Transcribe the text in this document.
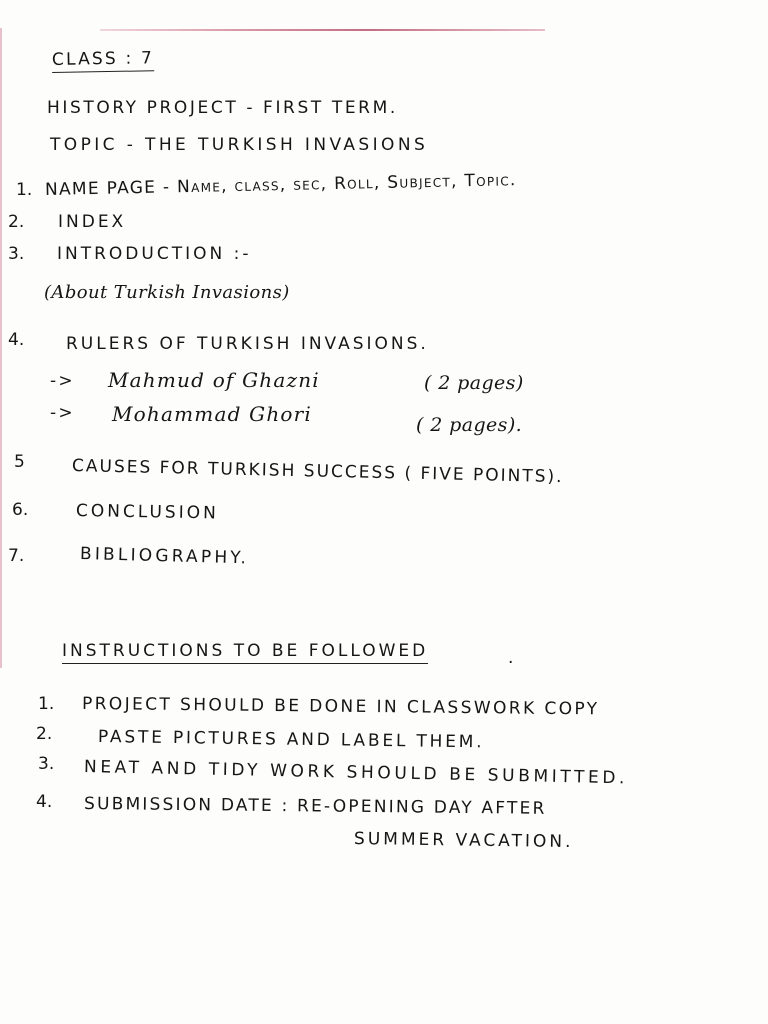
CLASS : 7
HISTORY PROJECT - FIRST TERM.
TOPIC - THE TURKISH INVASIONS
1. NAME PAGE - Name, class, sec, Roll, Subject, Topic.
2. INDEX
3. INTRODUCTION :-
(About Turkish Invasions)
4. RULERS OF TURKISH INVASIONS.
-> Mahmud of Ghazni	( 2 pages)
-> Mohammad Ghori	( 2 pages).
5	CAUSES FOR TURKISH SUCCESS ( FIVE POINTS).
6.	CONCLUSION
7.	BIBLIOGRAPHY.
INSTRUCTIONS TO BE FOLLOWED	.
1. PROJECT SHOULD BE DONE IN CLASSWORK COPY
2.	PASTE PICTURES AND LABEL THEM.
3. NEAT AND TIDY WORK SHOULD BE SUBMITTED.
4. SUBMISSION DATE : RE-OPENING DAY AFTER
SUMMER VACATION.
